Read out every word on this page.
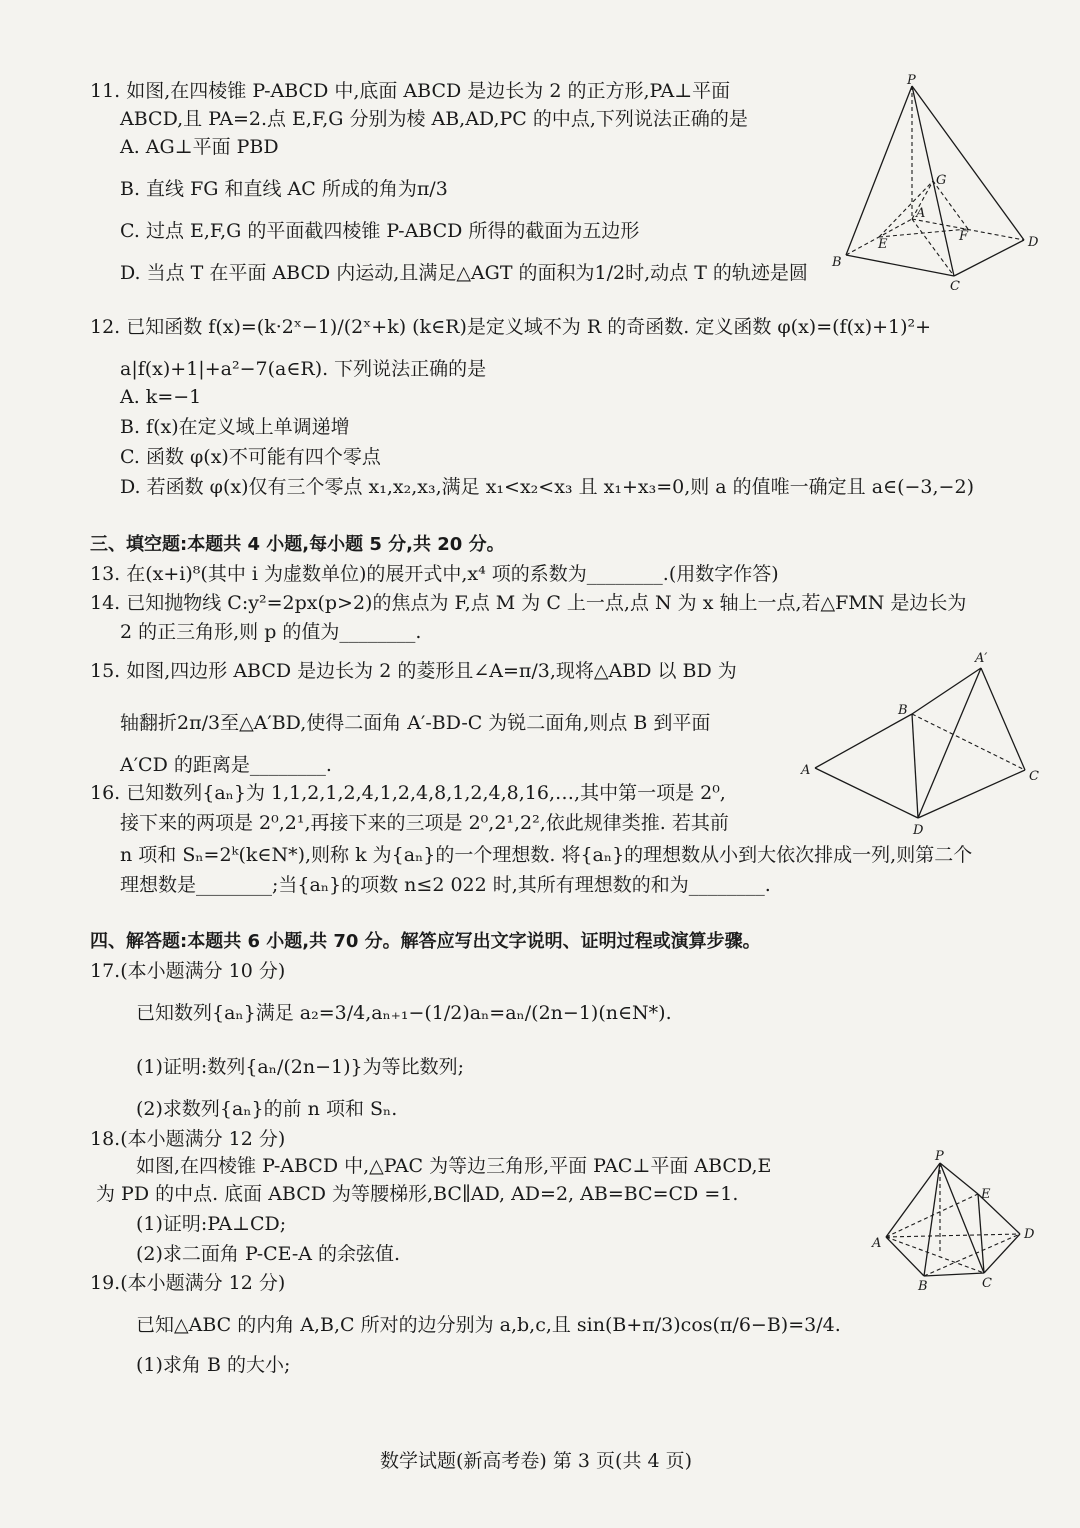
11. 如图,在四棱锥 P-ABCD 中,底面 ABCD 是边长为 2 的正方形,PA⊥平面
ABCD,且 PA=2.点 E,F,G 分别为棱 AB,AD,PC 的中点,下列说法正确的是
A. AG⊥平面 PBD
B. 直线 FG 和直线 AC 所成的角为π/3
C. 过点 E,F,G 的平面截四棱锥 P-ABCD 所得的截面为五边形
D. 当点 T 在平面 ABCD 内运动,且满足△AGT 的面积为1/2时,动点 T 的轨迹是圆
P
G
A
E
F	D
B
C
12. 已知函数 f(x)=(k·2ˣ−1)/(2ˣ+k) (k∈R)是定义域不为 R 的奇函数. 定义函数 φ(x)=(f(x)+1)²+
a|f(x)+1|+a²−7(a∈R). 下列说法正确的是
A. k=−1
B. f(x)在定义域上单调递增
C. 函数 φ(x)不可能有四个零点
D. 若函数 φ(x)仅有三个零点 x₁,x₂,x₃,满足 x₁<x₂<x₃ 且 x₁+x₃=0,则 a 的值唯一确定且 a∈(−3,−2)
三、填空题:本题共 4 小题,每小题 5 分,共 20 分。
13. 在(x+i)⁸(其中 i 为虚数单位)的展开式中,x⁴ 项的系数为________.(用数字作答)
14. 已知抛物线 C:y²=2px(p>2)的焦点为 F,点 M 为 C 上一点,点 N 为 x 轴上一点,若△FMN 是边长为
2 的正三角形,则 p 的值为________.
15. 如图,四边形 ABCD 是边长为 2 的菱形且∠A=π/3,现将△ABD 以 BD 为
轴翻折2π/3至△A′BD,使得二面角 A′-BD-C 为锐二面角,则点 B 到平面
A′CD 的距离是________.
A′
B
A	C
D
16. 已知数列{aₙ}为 1,1,2,1,2,4,1,2,4,8,1,2,4,8,16,…,其中第一项是 2⁰,
接下来的两项是 2⁰,2¹,再接下来的三项是 2⁰,2¹,2²,依此规律类推. 若其前
n 项和 Sₙ=2ᵏ(k∈N*),则称 k 为{aₙ}的一个理想数. 将{aₙ}的理想数从小到大依次排成一列,则第二个
理想数是________;当{aₙ}的项数 n≤2 022 时,其所有理想数的和为________.
四、解答题:本题共 6 小题,共 70 分。解答应写出文字说明、证明过程或演算步骤。
17.(本小题满分 10 分)
已知数列{aₙ}满足 a₂=3/4,aₙ₊₁−(1/2)aₙ=aₙ/(2n−1)(n∈N*).
(1)证明:数列{aₙ/(2n−1)}为等比数列;
(2)求数列{aₙ}的前 n 项和 Sₙ.
18.(本小题满分 12 分)
如图,在四棱锥 P-ABCD 中,△PAC 为等边三角形,平面 PAC⊥平面 ABCD,E
为 PD 的中点. 底面 ABCD 为等腰梯形,BC∥AD, AD=2, AB=BC=CD =1.
(1)证明:PA⊥CD;
(2)求二面角 P-CE-A 的余弦值.
P
E
A
D
B	C
19.(本小题满分 12 分)
已知△ABC 的内角 A,B,C 所对的边分别为 a,b,c,且 sin(B+π/3)cos(π/6−B)=3/4.
(1)求角 B 的大小;
数学试题(新高考卷) 第 3 页(共 4 页)
